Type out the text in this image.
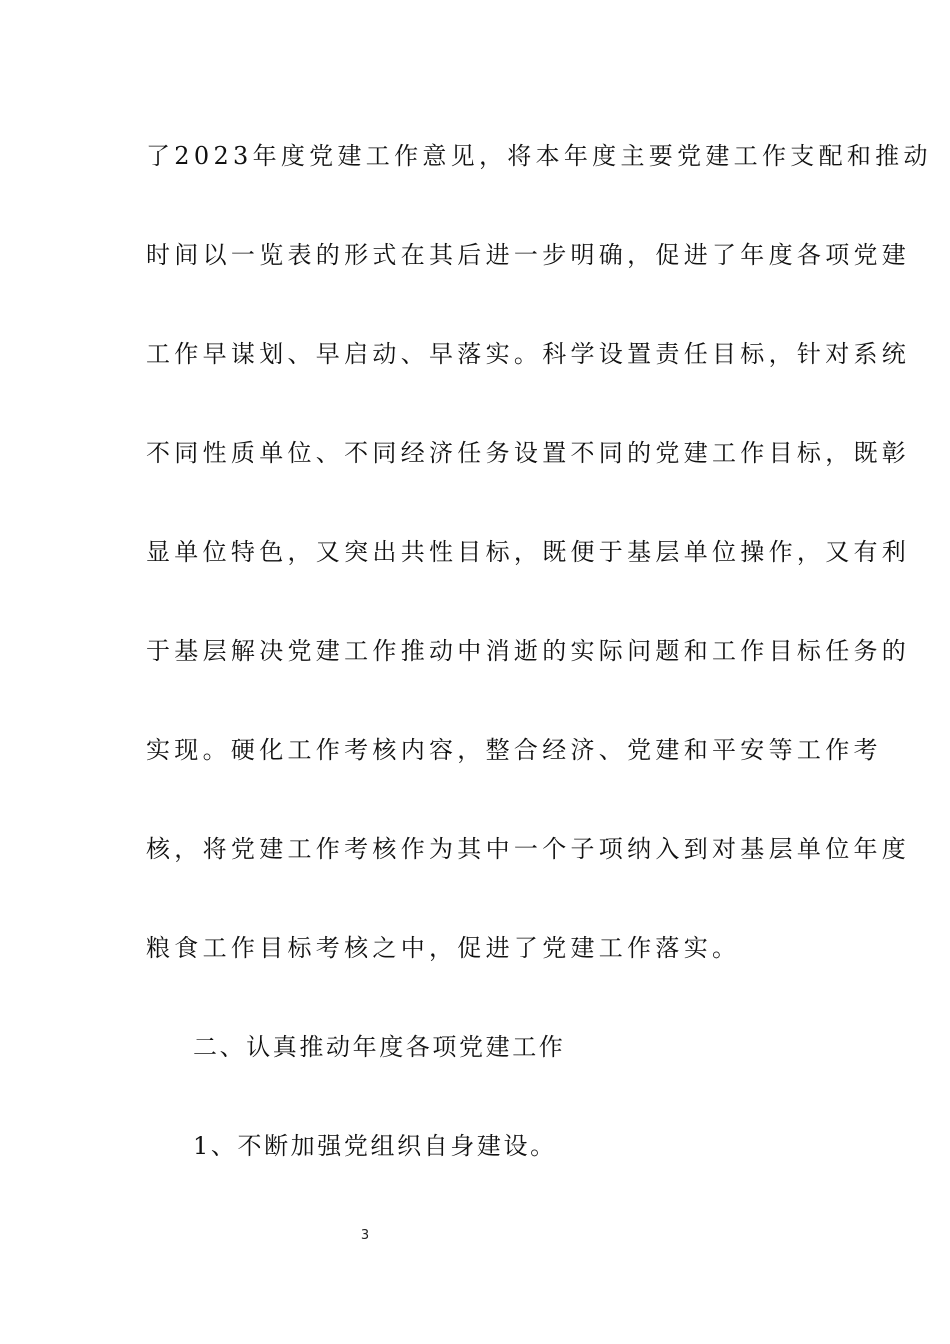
了2023年度党建工作意见，将本年度主要党建工作支配和推动
时间以一览表的形式在其后进一步明确，促进了年度各项党建
工作早谋划、早启动、早落实。科学设置责任目标，针对系统
不同性质单位、不同经济任务设置不同的党建工作目标，既彰
显单位特色，又突出共性目标，既便于基层单位操作，又有利
于基层解决党建工作推动中消逝的实际问题和工作目标任务的
实现。硬化工作考核内容，整合经济、党建和平安等工作考
核，将党建工作考核作为其中一个子项纳入到对基层单位年度
粮食工作目标考核之中，促进了党建工作落实。
二、认真推动年度各项党建工作
1、不断加强党组织自身建设。
3
